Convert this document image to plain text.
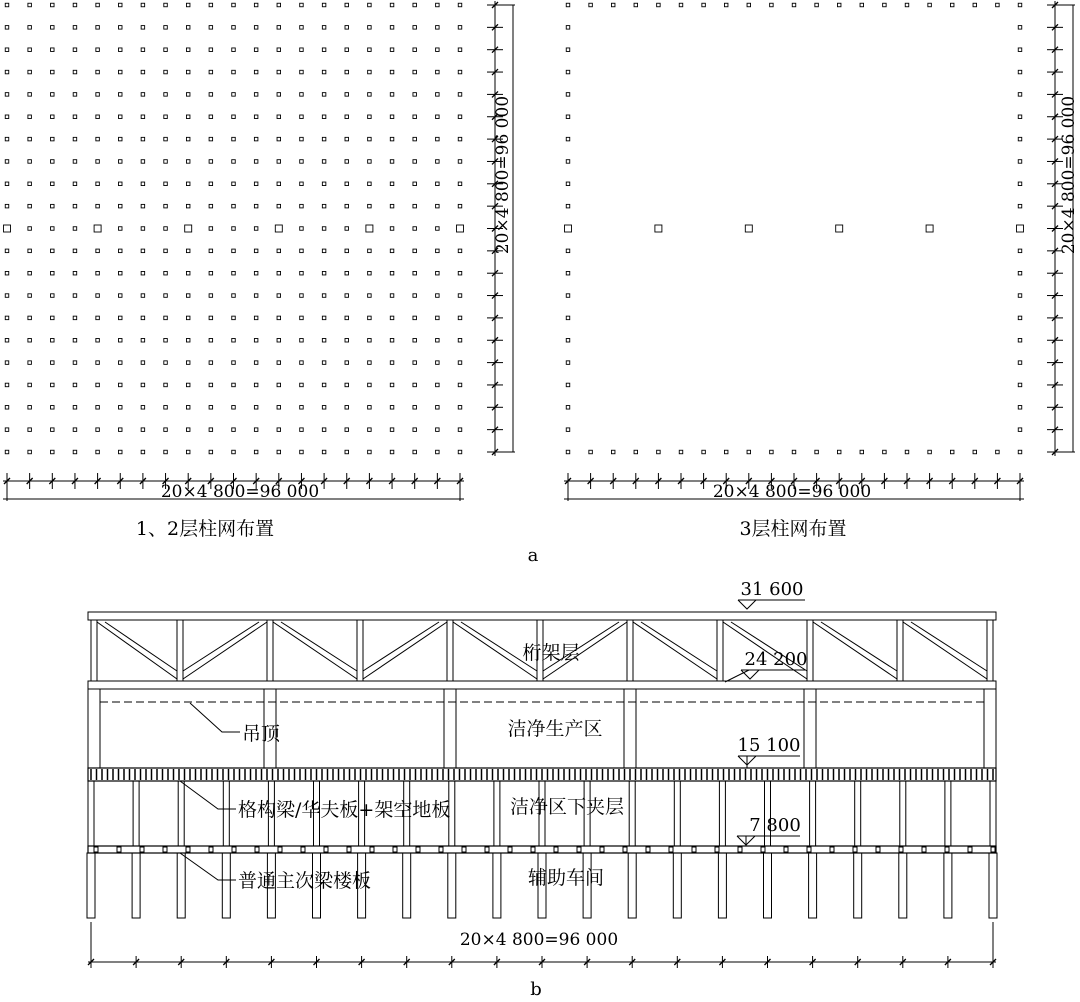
20×4 800=96 000
20×4 800=96 000
1、2层柱网布置
20×4 800=96 000
20×4 800=96 000
3层柱网布置
a
31 600
24 200
15 100
7 800
桁架层
洁净生产区
洁净区下夹层
辅助车间
吊顶
格构梁/华夫板+架空地板
普通主次梁楼板
20×4 800=96 000
b
